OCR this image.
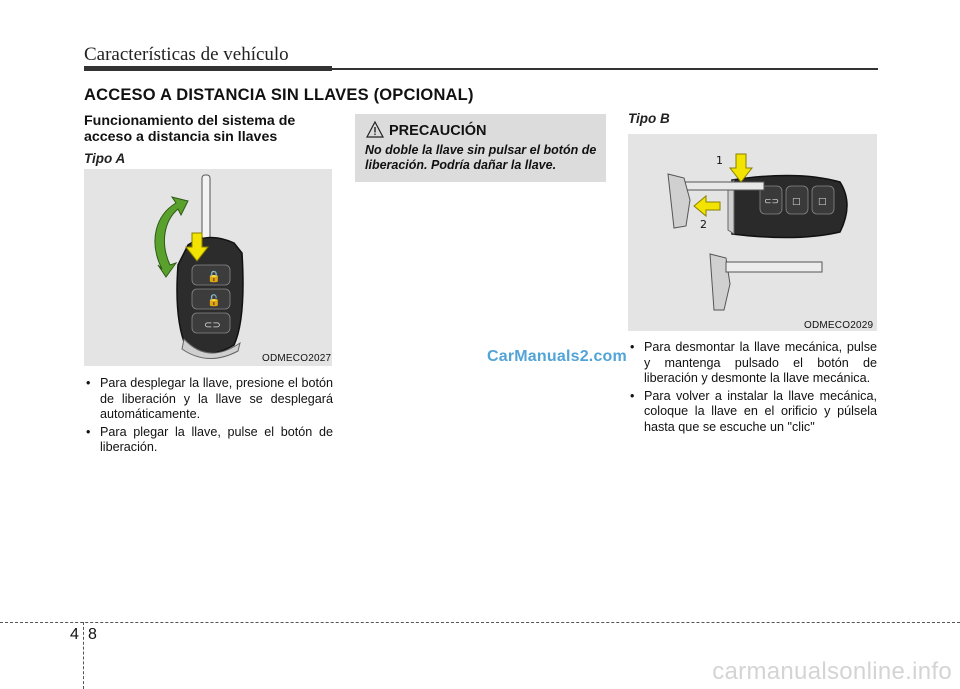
Características de vehículo
ACCESO A DISTANCIA SIN LLAVES (OPCIONAL)
Funcionamiento del sistema de acceso a distancia sin llaves
Tipo A
🔒
🔓
⊂⊃
ODMECO2027
• Para desplegar la llave, presione el botón de liberación y la llave se desplegará automáticamente.
• Para plegar la llave, pulse el botón de liberación.
PRECAUCIÓN
No doble la llave sin pulsar el botón de liberación. Podría dañar la llave.
CarManuals2.com
Tipo B
⊂⊃ □ □
1
2
ODMECO2029
• Para desmontar la llave mecánica, pulse y mantenga pulsado el botón de liberación y desmonte la llave mecánica.
• Para volver a instalar la llave mecánica, coloque la llave en el orificio y púlsela hasta que se escuche un "clic"
4 8
carmanualsonline.info
